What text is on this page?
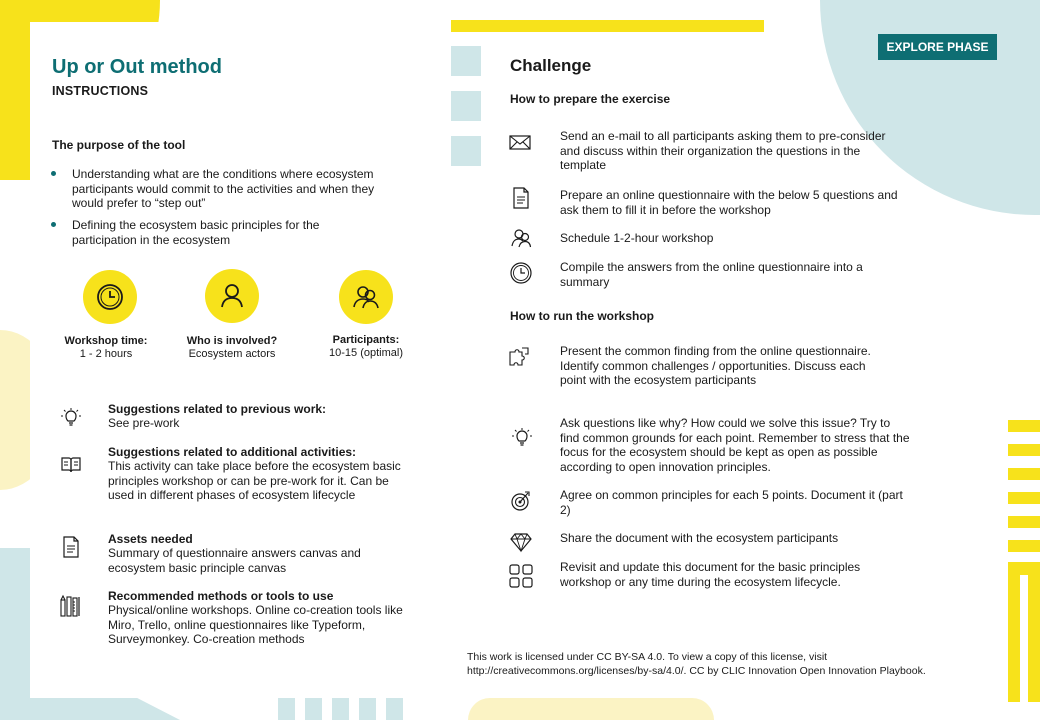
Up or Out method
INSTRUCTIONS
The purpose of the tool
Understanding what are the conditions where ecosystem participants would commit to the activities and when they would prefer to “step out”
Defining the ecosystem basic principles for the participation in the ecosystem
Workshop time:
1 - 2 hours
Who is involved?
Ecosystem actors
Participants:
10-15 (optimal)
Suggestions related to previous work:
See pre-work
Suggestions related to additional activities:
This activity can take place before the ecosystem basic principles workshop or can be pre-work for it. Can be used in different phases of ecosystem lifecycle
Assets needed
Summary of questionnaire answers canvas and ecosystem basic principle canvas
Recommended methods or tools to use
Physical/online workshops. Online co-creation tools like Miro, Trello, online questionnaires like Typeform, Surveymonkey. Co-creation methods
EXPLORE PHASE
Challenge
How to prepare the exercise
Send an e-mail to all participants asking them to pre-consider and discuss within their organization the questions in the template
Prepare an online questionnaire with the below 5 questions and ask them to fill it in before the workshop
Schedule 1-2-hour workshop
Compile the answers from the online questionnaire into a summary
How to run the workshop
Present the common finding from the online questionnaire. Identify common challenges / opportunities. Discuss each point with the ecosystem participants
Ask questions like why? How could we solve this issue? Try to find common grounds for each point. Remember to stress that the focus for the ecosystem should be kept as open as possible according to open innovation principles.
Agree on common principles for each 5 points. Document it (part 2)
Share the document with the ecosystem participants
Revisit and update this document for the basic principles workshop or any time during the ecosystem lifecycle.
This work is licensed under CC BY-SA 4.0. To view a copy of this license, visit
http://creativecommons.org/licenses/by-sa/4.0/. CC by CLIC Innovation Open Innovation Playbook.
